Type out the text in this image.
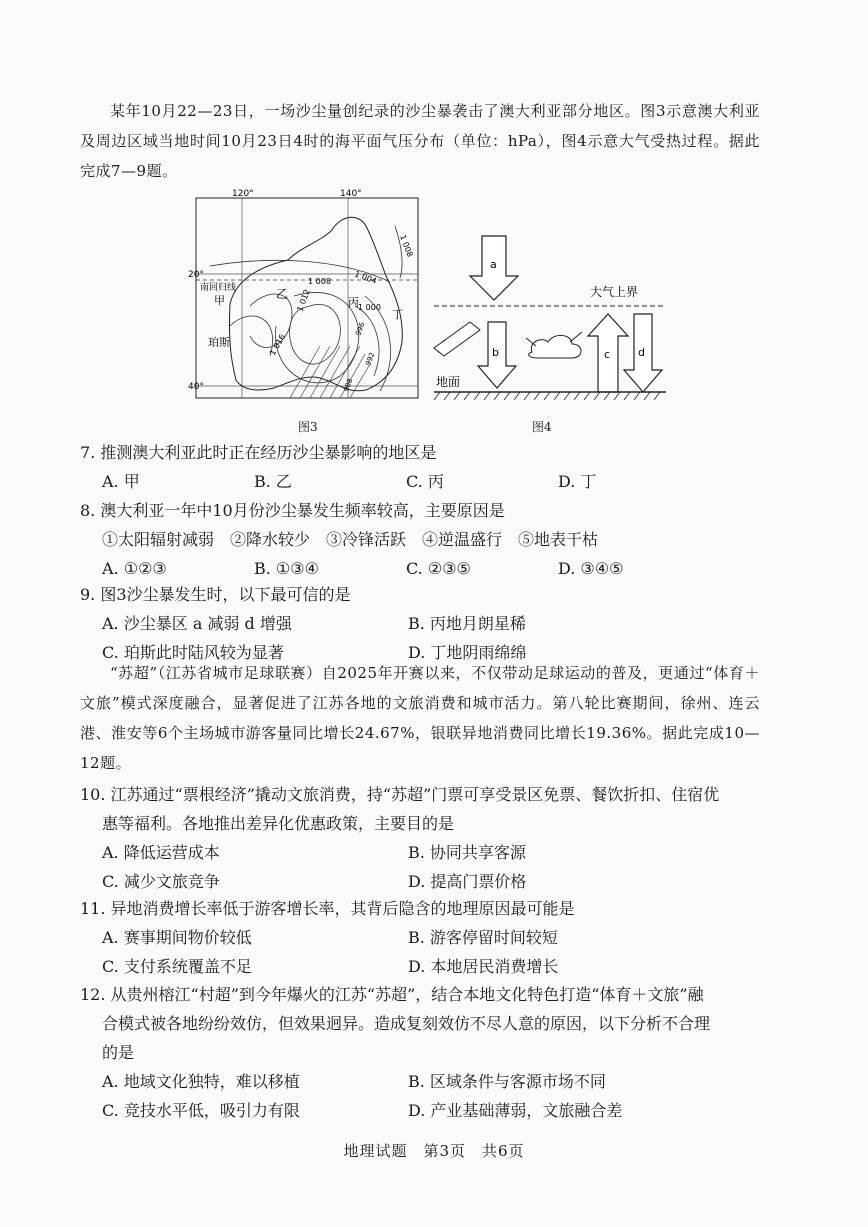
某年10月22—23日，一场沙尘量创纪录的沙尘暴袭击了澳大利亚部分地区。图3示意澳大利亚及周边区域当地时间10月23日4时的海平面气压分布（单位：hPa），图4示意大气受热过程。据此完成7—9题。
120°	140°
20°
40°
1 008	1 004
1 008
1 012	1 000
996
1 016
992
988
南回归线
甲	乙
丙
丁
珀斯
图3
a
大气上界
b	c	d
地面
图4
7. 推测澳大利亚此时正在经历沙尘暴影响的地区是
A. 甲	B. 乙	C. 丙	D. 丁
8. 澳大利亚一年中10月份沙尘暴发生频率较高，主要原因是
①太阳辐射减弱　②降水较少　③冷锋活跃　④逆温盛行　⑤地表干枯
A. ①②③	B. ①③④	C. ②③⑤	D. ③④⑤
9. 图3沙尘暴发生时，以下最可信的是
A. 沙尘暴区 a 减弱 d 增强	B. 丙地月朗星稀
C. 珀斯此时陆风较为显著	D. 丁地阴雨绵绵
“苏超”（江苏省城市足球联赛）自2025年开赛以来，不仅带动足球运动的普及，更通过“体育＋文旅”模式深度融合，显著促进了江苏各地的文旅消费和城市活力。第八轮比赛期间，徐州、连云港、淮安等6个主场城市游客量同比增长24.67%，银联异地消费同比增长19.36%。据此完成10—12题。
10. 江苏通过“票根经济”撬动文旅消费，持“苏超”门票可享受景区免票、餐饮折扣、住宿优
惠等福利。各地推出差异化优惠政策，主要目的是
A. 降低运营成本	B. 协同共享客源
C. 减少文旅竞争	D. 提高门票价格
11. 异地消费增长率低于游客增长率，其背后隐含的地理原因最可能是
A. 赛事期间物价较低	B. 游客停留时间较短
C. 支付系统覆盖不足	D. 本地居民消费增长
12. 从贵州榕江“村超”到今年爆火的江苏“苏超”，结合本地文化特色打造“体育＋文旅”融
合模式被各地纷纷效仿，但效果迥异。造成复刻效仿不尽人意的原因，以下分析不合理
的是
A. 地域文化独特，难以移植	B. 区域条件与客源市场不同
C. 竞技水平低，吸引力有限	D. 产业基础薄弱，文旅融合差
地理试题　第3页　共6页
